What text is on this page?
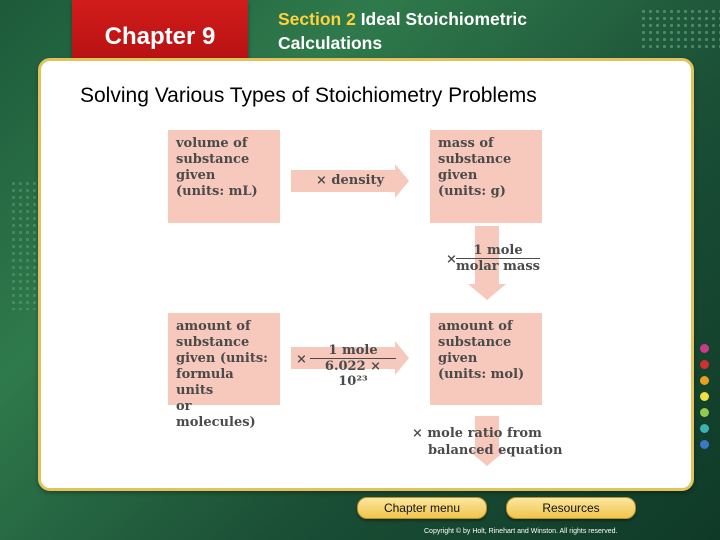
Chapter 9
Section 2 Ideal Stoichiometric
Calculations
Solving Various Types of Stoichiometry Problems
volume of
substance
given
(units: mL)
mass of
substance
given
(units: g)
amount of
substance
given (units:
formula units
or molecules)
amount of
substance
given
(units: mol)
× density
×
1 mole
molar mass
×
1 mole
6.022 × 10²³
× mole ratio from
balanced equation
Chapter menu	Resources
Copyright © by Holt, Rinehart and Winston. All rights reserved.
